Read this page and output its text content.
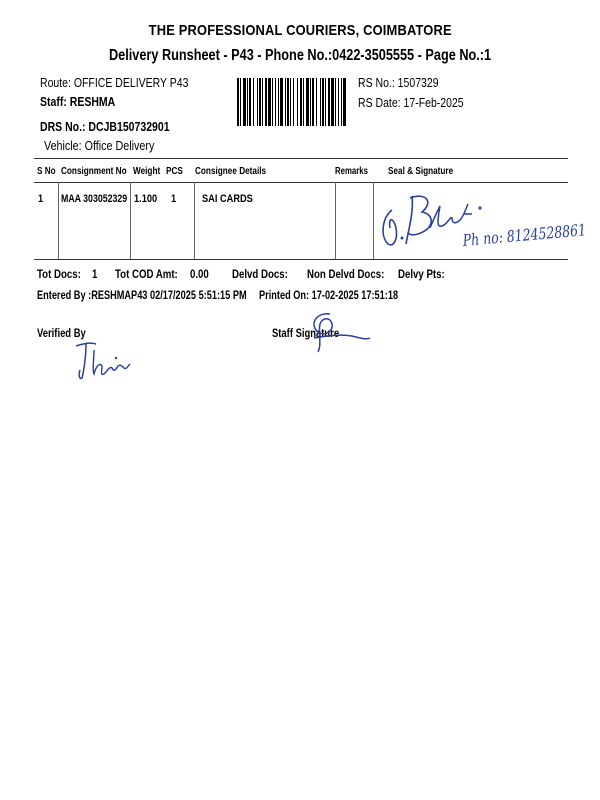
THE PROFESSIONAL COURIERS, COIMBATORE
Delivery Runsheet - P43 - Phone No.:0422-3505555 - Page No.:1
Route: OFFICE DELIVERY P43
Staff: RESHMA
DRS No.: DCJB150732901
Vehicle: Office Delivery
RS No.: 1507329
RS Date: 17-Feb-2025
S No Consignment No Weight PCS Consignee Details	Remarks Seal & Signature
1 MAA 303052329 1.100 1 SAI CARDS
Ph no: 8124528861
Tot Docs: 1 Tot COD Amt: 0.00 Delvd Docs: Non Delvd Docs: Delvy Pts:
Entered By :RESHMAP43 02/17/2025 5:51:15 PM Printed On: 17-02-2025 17:51:18
Verified By	Staff Signature
